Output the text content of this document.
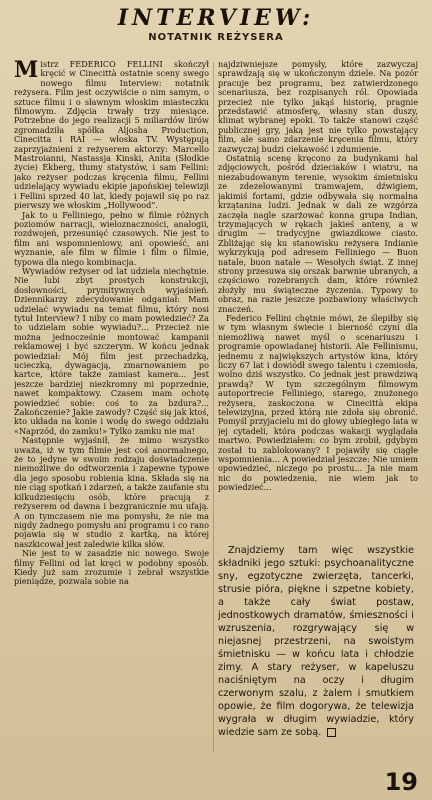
INTERVIEW:
NOTATNIK REŻYSERA

Mistrz FEDERICO FELLINI skończył kręcić w Cinecittà ostatnie sceny swego nowego filmu Interview: notatnik reżysera. Film jest oczywiście o nim samym, o sztuce filmu i o sławnym włoskim miasteczku filmowym. Zdjęcia trwały trzy miesiące. Potrzebne do jego realizacji 5 miliardów lirów zgromadziła spółka Aljosha Production, Cinecitta i RAI — włoska TV. Występują zaprzyjaźnieni z reżyserem aktorzy: Marcello Mastroianni, Nastassja Kinski, Anita (Słodkie życie) Ekberg, tłumy statystów, i sam Fellini: jako reżyser podczas kręcenia filmu, Fellini udzielający wywiadu ekipie japońskiej telewizji i Fellini sprzed 40 lat, kiedy pojawił się po raz pierwszy we włoskim „Hollywood”.

Jak to u Felliniego, pełno w filmie różnych poziomów narracji, wieloznaczności, analogii, rozdwojeń, przesunięć czasowych. Nie jest to film ani wspomnieniowy, ani opowieść, ani wyznanie, ale film w filmie i film o filmie, typowa dla niego kombinacja.

Wywiadów reżyser od lat udziela niechętnie. Nie lubi zbyt prostych konstrukcji, dosłowności, prymitywnych wyjaśnień. Dziennikarzy zdecydowanie odganiał: Mam udzielać wywiadu na temat filmu, który nosi tytuł Interview? I niby co mam powiedzieć? Za to udzielam sobie wywiadu?... Przecież nie można jednocześnie montować kampanii reklamowej i być szczerym. W końcu jednak powiedział: Mój film jest przechadzką, ucieczką, dywagacją, zmarnowaniem po kartce, które także zamiast kamera... Jest jeszcze bardziej niezkromny mi poprzednie, nawet kompaktowy. Czasem mam ochotę powiedzieć sobie: coś to za bzdura?... Zakończenie? Jakie zawody? Część się jak ktoś, kto układa na konie i wodę do swego oddziału «Naprzód, do zamku!» Tylko zamku nie ma!

Następnie wyjaśnił, że mimo wszystko uważa, iż w tym filmie jest coś anormalnego, że to jedyne w swoim rodzaju doświadczenie niemożliwe do odtworzenia i zapewne typowe dla jego sposobu robienia kina. Składa się na nie ciąg spotkań i zdarzeń, a także zaufanie stu kilkudziesięciu osób, które pracują z reżyserem od dawna i bezgranicznie mu ufają. A on tymczasem nie ma pomysłu, że nie ma nigdy żadnego pomysłu ani programu i co rano pojawia się w studio z kartką, na której naszkicował jest zaledwie kilka słów.

Nie jest to w zasadzie nic nowego. Swoje filmy Fellini od lat kręci w podobny sposób. Kiedy już sam zrozumie i zebrał wszystkie pieniądze, pozwala sobie na

najdziwniejsze pomysły, które zazwyczaj sprawdzają się w ukończonym dziele. Na pozór pracuje bez programu, bez zatwierdzonego scenariusza, bez rozpisanych ról. Opowiada przecież nie tylko jakąś historię, pragnie przedstawić atmosferę, własny stan duszy, klimat wybranej epoki. To także stanowi część publicznej gry, jaką jest nie tylko powstający film, ale samo zdarzenie kręcenia filmu, który zazwyczaj budzi ciekawość i zdumienie.

Ostatnią scenę kręcono za budynkami hal zdjęciowych, pośród dzieciaków i wiatru, na niezabudowanym terenie, wysokim śmietnisku ze zdezelowanymi tramwajem, dźwigiem, jakimiś fortami, gdzie odbywała się normalna krzątanina ludzi. Jednak w dali ze wzgórza zaczęła nagle szarżować konna grupa Indian, trzymających w rękach jakieś anteny, a w drugim — tradycyjne gwiazdkowe ciasto. Zbliżając się ku stanowisku reżysera Indianie wykrzykują pod adresem Felliniego — Buon natale, buon natale — Wesołych świąt. Z innej strony przesuwa się orszak barwnie ubranych, a częściowo rozebranych dam, które również złożyły mu świąteczne życzenia. Typowy to obraz, na razie jeszcze pozbawiony właściwych znaczeń.

Federico Fellini chętnie mówi, że ślepiłby się w tym własnym świecie i bierność czyni dla niemożliwą nawet myśl o scenariuszu i programie opowiadanej historii. Ale Fellinismu, jednemu z największych artystów kina, który liczy 67 lat i dowiódł swego talentu i czemiosła, wolno dziś wszystko. Co jednak jest prawdziwą prawdą? W tym szczególnym filmowym autoportrecie Felliniego, starego, znużonego reżysera, zaskoczona w Cinecittà ekipa telewizyjna, przed którą nie zdoła się obronić. Pomyśl przyjacielu mi do głowy ubiegłego lata w jej cytadeli, która podczas wakacji wyglądała martwo. Powiedziałem: co bym zrobił, gdybym został tu zablokowany? I pojawiły się ciągłe wspomnienia... A powiedział jeszcze: Nie umiem opowiedzieć, niczego po prostu... Ja nie mam nic do powiedzenia, nie wiem jak to powiedzieć...

Znajdziemy tam więc wszystkie składniki jego sztuki: psychoanalityczne sny, egzotyczne zwierzęta, tancerki, strusie pióra, piękne i szpetne kobiety, a także cały świat postaw, jednostkowych dramatów, śmieszności i wzruszenia, rozgrywający się w niejasnej przestrzeni, na swoistym śmietnisku — w końcu lata i chłodzie zimy. A stary reżyser, w kapeluszu naciśniętym na oczy i długim czerwonym szalu, z żalem i smutkiem opowie, że film dogorywa, że telewizja wygrała w długim wywiadzie, który wiedzie sam ze sobą.

19
